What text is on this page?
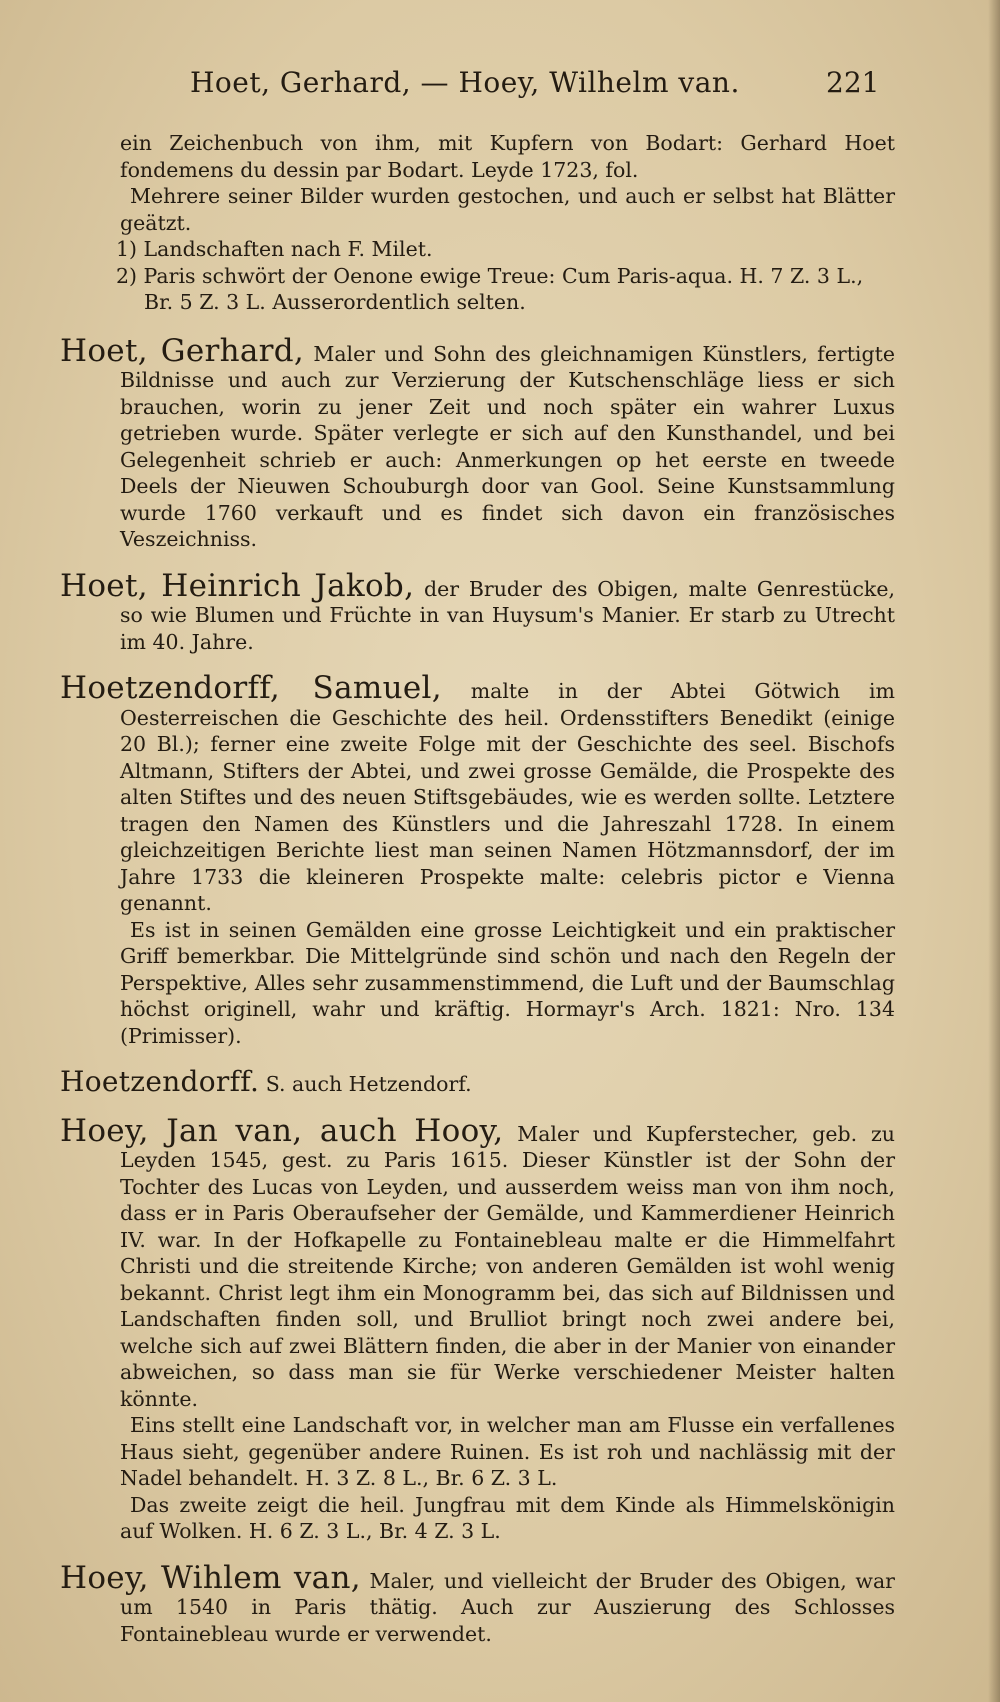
Hoet, Gerhard, — Hoey, Wilhelm van.	221

ein Zeichenbuch von ihm, mit Kupfern von Bodart: Gerhard Hoet fondemens du dessin par Bodart. Leyde 1723, fol.

Mehrere seiner Bilder wurden gestochen, und auch er selbst hat Blätter geätzt.

1) Landschaften nach F. Milet.

2) Paris schwört der Oenone ewige Treue: Cum Paris-aqua. H. 7 Z. 3 L., Br. 5 Z. 3 L. Ausserordentlich selten.

Hoet, Gerhard, Maler und Sohn des gleichnamigen Künstlers, fertigte Bildnisse und auch zur Verzierung der Kutschenschläge liess er sich brauchen, worin zu jener Zeit und noch später ein wahrer Luxus getrieben wurde. Später verlegte er sich auf den Kunsthandel, und bei Gelegenheit schrieb er auch: Anmerkungen op het eerste en tweede Deels der Nieuwen Schouburgh door van Gool. Seine Kunstsammlung wurde 1760 verkauft und es findet sich davon ein französisches Veszeichniss.

Hoet, Heinrich Jakob, der Bruder des Obigen, malte Genrestücke, so wie Blumen und Früchte in van Huysum's Manier. Er starb zu Utrecht im 40. Jahre.

Hoetzendorff, Samuel, malte in der Abtei Götwich im Oesterreischen die Geschichte des heil. Ordensstifters Benedikt (einige 20 Bl.); ferner eine zweite Folge mit der Geschichte des seel. Bischofs Altmann, Stifters der Abtei, und zwei grosse Gemälde, die Prospekte des alten Stiftes und des neuen Stiftsgebäudes, wie es werden sollte. Letztere tragen den Namen des Künstlers und die Jahreszahl 1728. In einem gleichzeitigen Berichte liest man seinen Namen Hötzmannsdorf, der im Jahre 1733 die kleineren Prospekte malte: celebris pictor e Vienna genannt.

Es ist in seinen Gemälden eine grosse Leichtigkeit und ein praktischer Griff bemerkbar. Die Mittelgründe sind schön und nach den Regeln der Perspektive, Alles sehr zusammenstimmend, die Luft und der Baumschlag höchst originell, wahr und kräftig. Hormayr's Arch. 1821: Nro. 134 (Primisser).

Hoetzendorff. S. auch Hetzendorf.

Hoey, Jan van, auch Hooy, Maler und Kupferstecher, geb. zu Leyden 1545, gest. zu Paris 1615. Dieser Künstler ist der Sohn der Tochter des Lucas von Leyden, und ausserdem weiss man von ihm noch, dass er in Paris Oberaufseher der Gemälde, und Kammerdiener Heinrich IV. war. In der Hofkapelle zu Fontainebleau malte er die Himmelfahrt Christi und die streitende Kirche; von anderen Gemälden ist wohl wenig bekannt. Christ legt ihm ein Monogramm bei, das sich auf Bildnissen und Landschaften finden soll, und Brulliot bringt noch zwei andere bei, welche sich auf zwei Blättern finden, die aber in der Manier von einander abweichen, so dass man sie für Werke verschiedener Meister halten könnte.

Eins stellt eine Landschaft vor, in welcher man am Flusse ein verfallenes Haus sieht, gegenüber andere Ruinen. Es ist roh und nachlässig mit der Nadel behandelt. H. 3 Z. 8 L., Br. 6 Z. 3 L.

Das zweite zeigt die heil. Jungfrau mit dem Kinde als Himmelskönigin auf Wolken. H. 6 Z. 3 L., Br. 4 Z. 3 L.

Hoey, Wihlem van, Maler, und vielleicht der Bruder des Obigen, war um 1540 in Paris thätig. Auch zur Auszierung des Schlosses Fontainebleau wurde er verwendet.
